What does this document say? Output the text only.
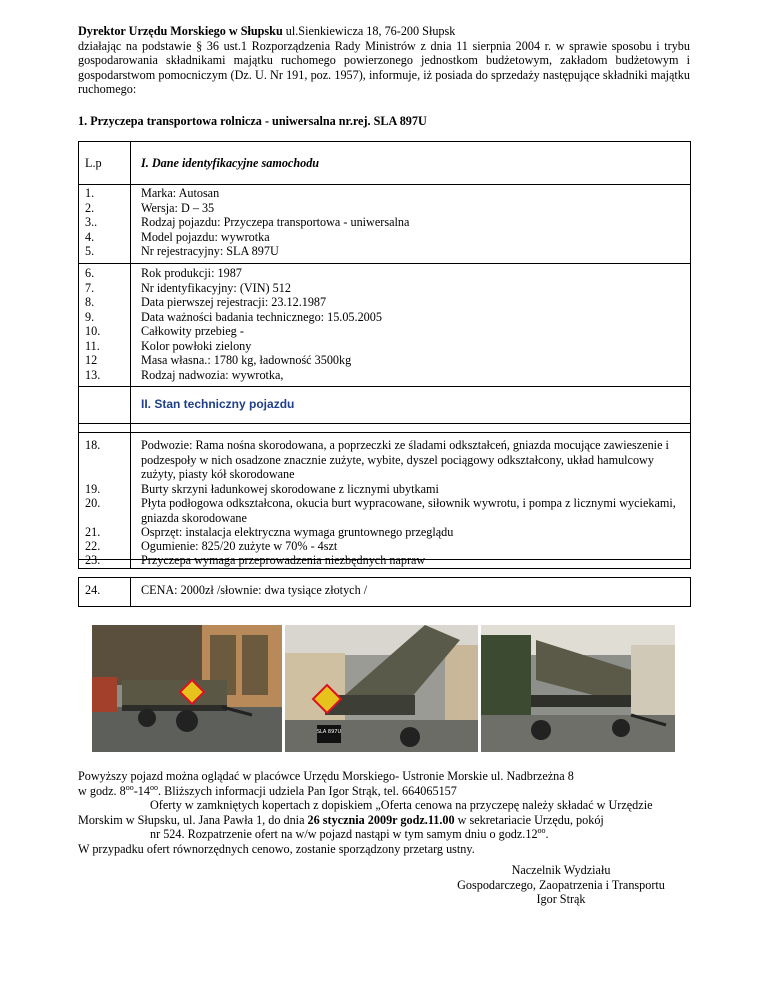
Dyrektor Urzędu Morskiego w Słupsku ul.Sienkiewicza 18, 76-200 Słupsk
działając na podstawie § 36 ust.1 Rozporządzenia Rady Ministrów z dnia 11 sierpnia 2004 r. w sprawie sposobu i trybu gospodarowania składnikami majątku ruchomego powierzonego jednostkom budżetowym, zakładom budżetowym i gospodarstwom pomocniczym (Dz. U. Nr 191, poz. 1957), informuje, iż posiada do sprzedaży następujące składniki majątku ruchomego:
1. Przyczepa transportowa rolnicza - uniwersalna nr.rej. SLA 897U
L.p	I. Dane identyfikacyjne samochodu
1.	Marka: Autosan
2.	Wersja: D – 35
3..	Rodzaj pojazdu: Przyczepa transportowa - uniwersalna
4.	Model pojazdu: wywrotka
5.	Nr rejestracyjny: SLA 897U
6.	Rok produkcji: 1987
7.	Nr identyfikacyjny: (VIN) 512
8.	Data pierwszej rejestracji: 23.12.1987
9.	Data ważności badania technicznego: 15.05.2005
10.	Całkowity przebieg -
11.	Kolor powłoki zielony
12	Masa własna.: 1780 kg, ładowność 3500kg
13.	Rodzaj nadwozia: wywrotka,
II. Stan techniczny pojazdu
18.	Podwozie: Rama nośna skorodowana, a poprzeczki ze śladami odkształceń, gniazda mocujące zawieszenie i podzespoły w nich osadzone znacznie zużyte, wybite, dyszel pociągowy odkształcony, układ hamulcowy zużyty, piasty kół skorodowane
19.	Burty skrzyni ładunkowej skorodowane z licznymi ubytkami
20.	Płyta podłogowa odkształcona, okucia burt wypracowane, siłownik wywrotu, i pompa z licznymi wyciekami, gniazda skorodowane
21.	Osprzęt: instalacja elektryczna wymaga gruntownego przeglądu
22.	Ogumienie: 825/20 zużyte w 70% - 4szt
23.	Przyczepa wymaga przeprowadzenia niezbędnych napraw
24.	CENA: 2000zł /słownie: dwa tysiące złotych /
SLA 897U
Powyższy pojazd można oglądać w placówce Urzędu Morskiego- Ustronie Morskie ul. Nadbrzeżna 8
w godz. $8^{oo}-14^{oo}$. Bliższych informacji udziela Pan Igor Strąk, tel. 664065157
Oferty w zamkniętych kopertach z dopiskiem „Oferta cenowa na przyczepę należy składać w Urzędzie
Morskim w Słupsku, ul. Jana Pawła 1, do dnia 26 stycznia 2009r godz.11.00 w sekretariacie Urzędu, pokój
nr 524. Rozpatrzenie ofert na w/w pojazd nastąpi w tym samym dniu o $godz.12^{oo}$.
W przypadku ofert równorzędnych cenowo, zostanie sporządzony przetarg ustny.
Naczelnik Wydziału
Gospodarczego, Zaopatrzenia i Transportu
Igor Strąk
